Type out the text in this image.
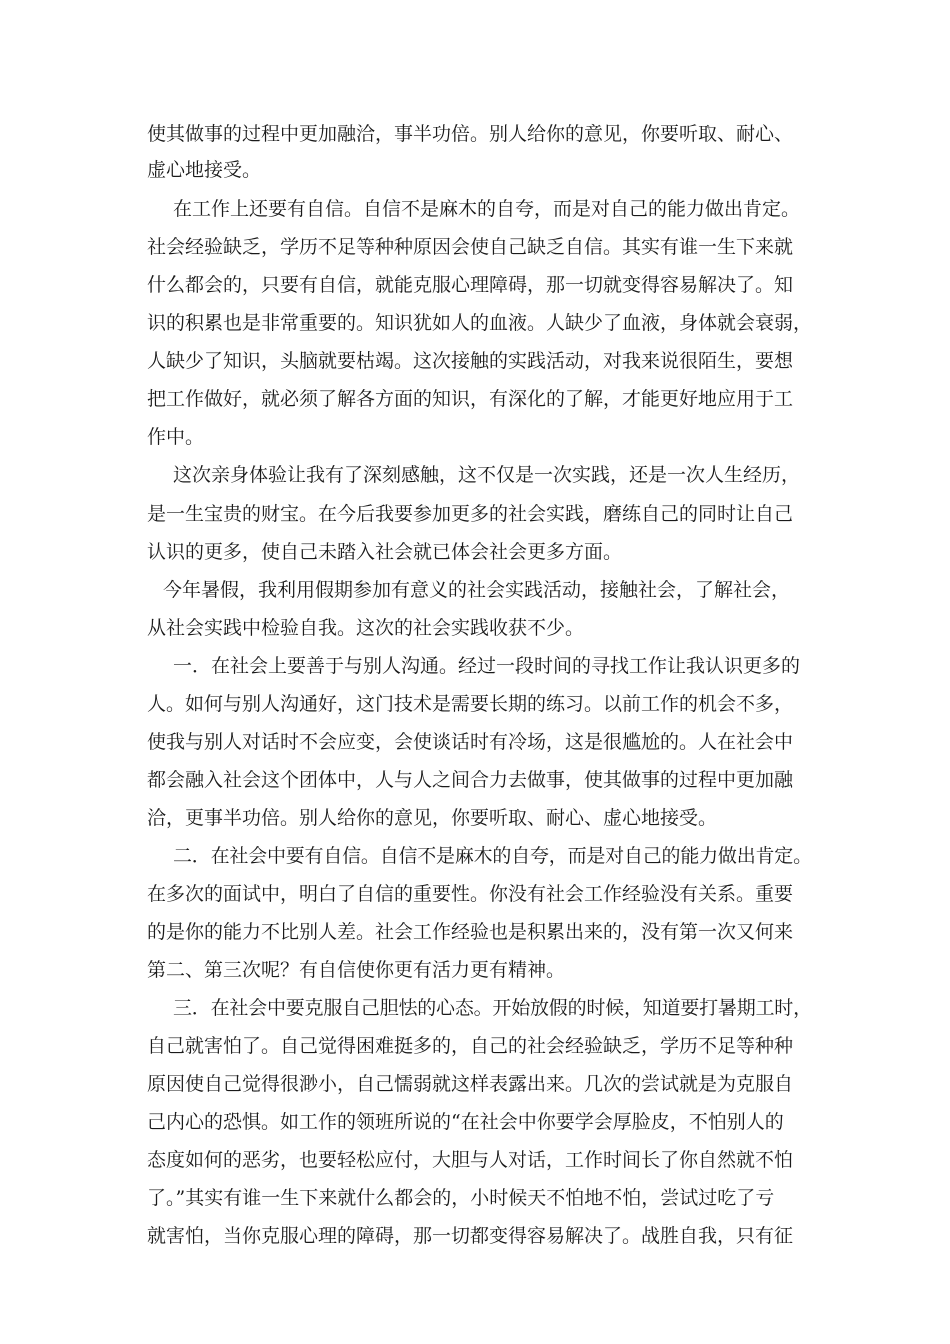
使其做事的过程中更加融洽，事半功倍。别人给你的意见，你要听取、耐心、
虚心地接受。
在工作上还要有自信。自信不是麻木的自夸，而是对自己的能力做出肯定。
社会经验缺乏，学历不足等种种原因会使自己缺乏自信。其实有谁一生下来就
什么都会的，只要有自信，就能克服心理障碍，那一切就变得容易解决了。知
识的积累也是非常重要的。知识犹如人的血液。人缺少了血液，身体就会衰弱，
人缺少了知识，头脑就要枯竭。这次接触的实践活动，对我来说很陌生，要想
把工作做好，就必须了解各方面的知识，有深化的了解，才能更好地应用于工
作中。
这次亲身体验让我有了深刻感触，这不仅是一次实践，还是一次人生经历，
是一生宝贵的财宝。在今后我要参加更多的社会实践，磨练自己的同时让自己
认识的更多，使自己未踏入社会就已体会社会更多方面。
今年暑假，我利用假期参加有意义的社会实践活动，接触社会，了解社会，
从社会实践中检验自我。这次的社会实践收获不少。
一．在社会上要善于与别人沟通。经过一段时间的寻找工作让我认识更多的
人。如何与别人沟通好，这门技术是需要长期的练习。以前工作的机会不多，
使我与别人对话时不会应变，会使谈话时有冷场，这是很尴尬的。人在社会中
都会融入社会这个团体中，人与人之间合力去做事，使其做事的过程中更加融
洽，更事半功倍。别人给你的意见，你要听取、耐心、虚心地接受。
二．在社会中要有自信。自信不是麻木的自夸，而是对自己的能力做出肯定。
在多次的面试中，明白了自信的重要性。你没有社会工作经验没有关系。重要
的是你的能力不比别人差。社会工作经验也是积累出来的，没有第一次又何来
第二、第三次呢？有自信使你更有活力更有精神。
三．在社会中要克服自己胆怯的心态。开始放假的时候，知道要打暑期工时，
自己就害怕了。自己觉得困难挺多的，自己的社会经验缺乏，学历不足等种种
原因使自己觉得很渺小，自己懦弱就这样表露出来。几次的尝试就是为克服自
己内心的恐惧。如工作的领班所说的“在社会中你要学会厚脸皮，不怕别人的
态度如何的恶劣，也要轻松应付，大胆与人对话，工作时间长了你自然就不怕
了。”其实有谁一生下来就什么都会的，小时候天不怕地不怕，尝试过吃了亏
就害怕，当你克服心理的障碍，那一切都变得容易解决了。战胜自我，只有征
